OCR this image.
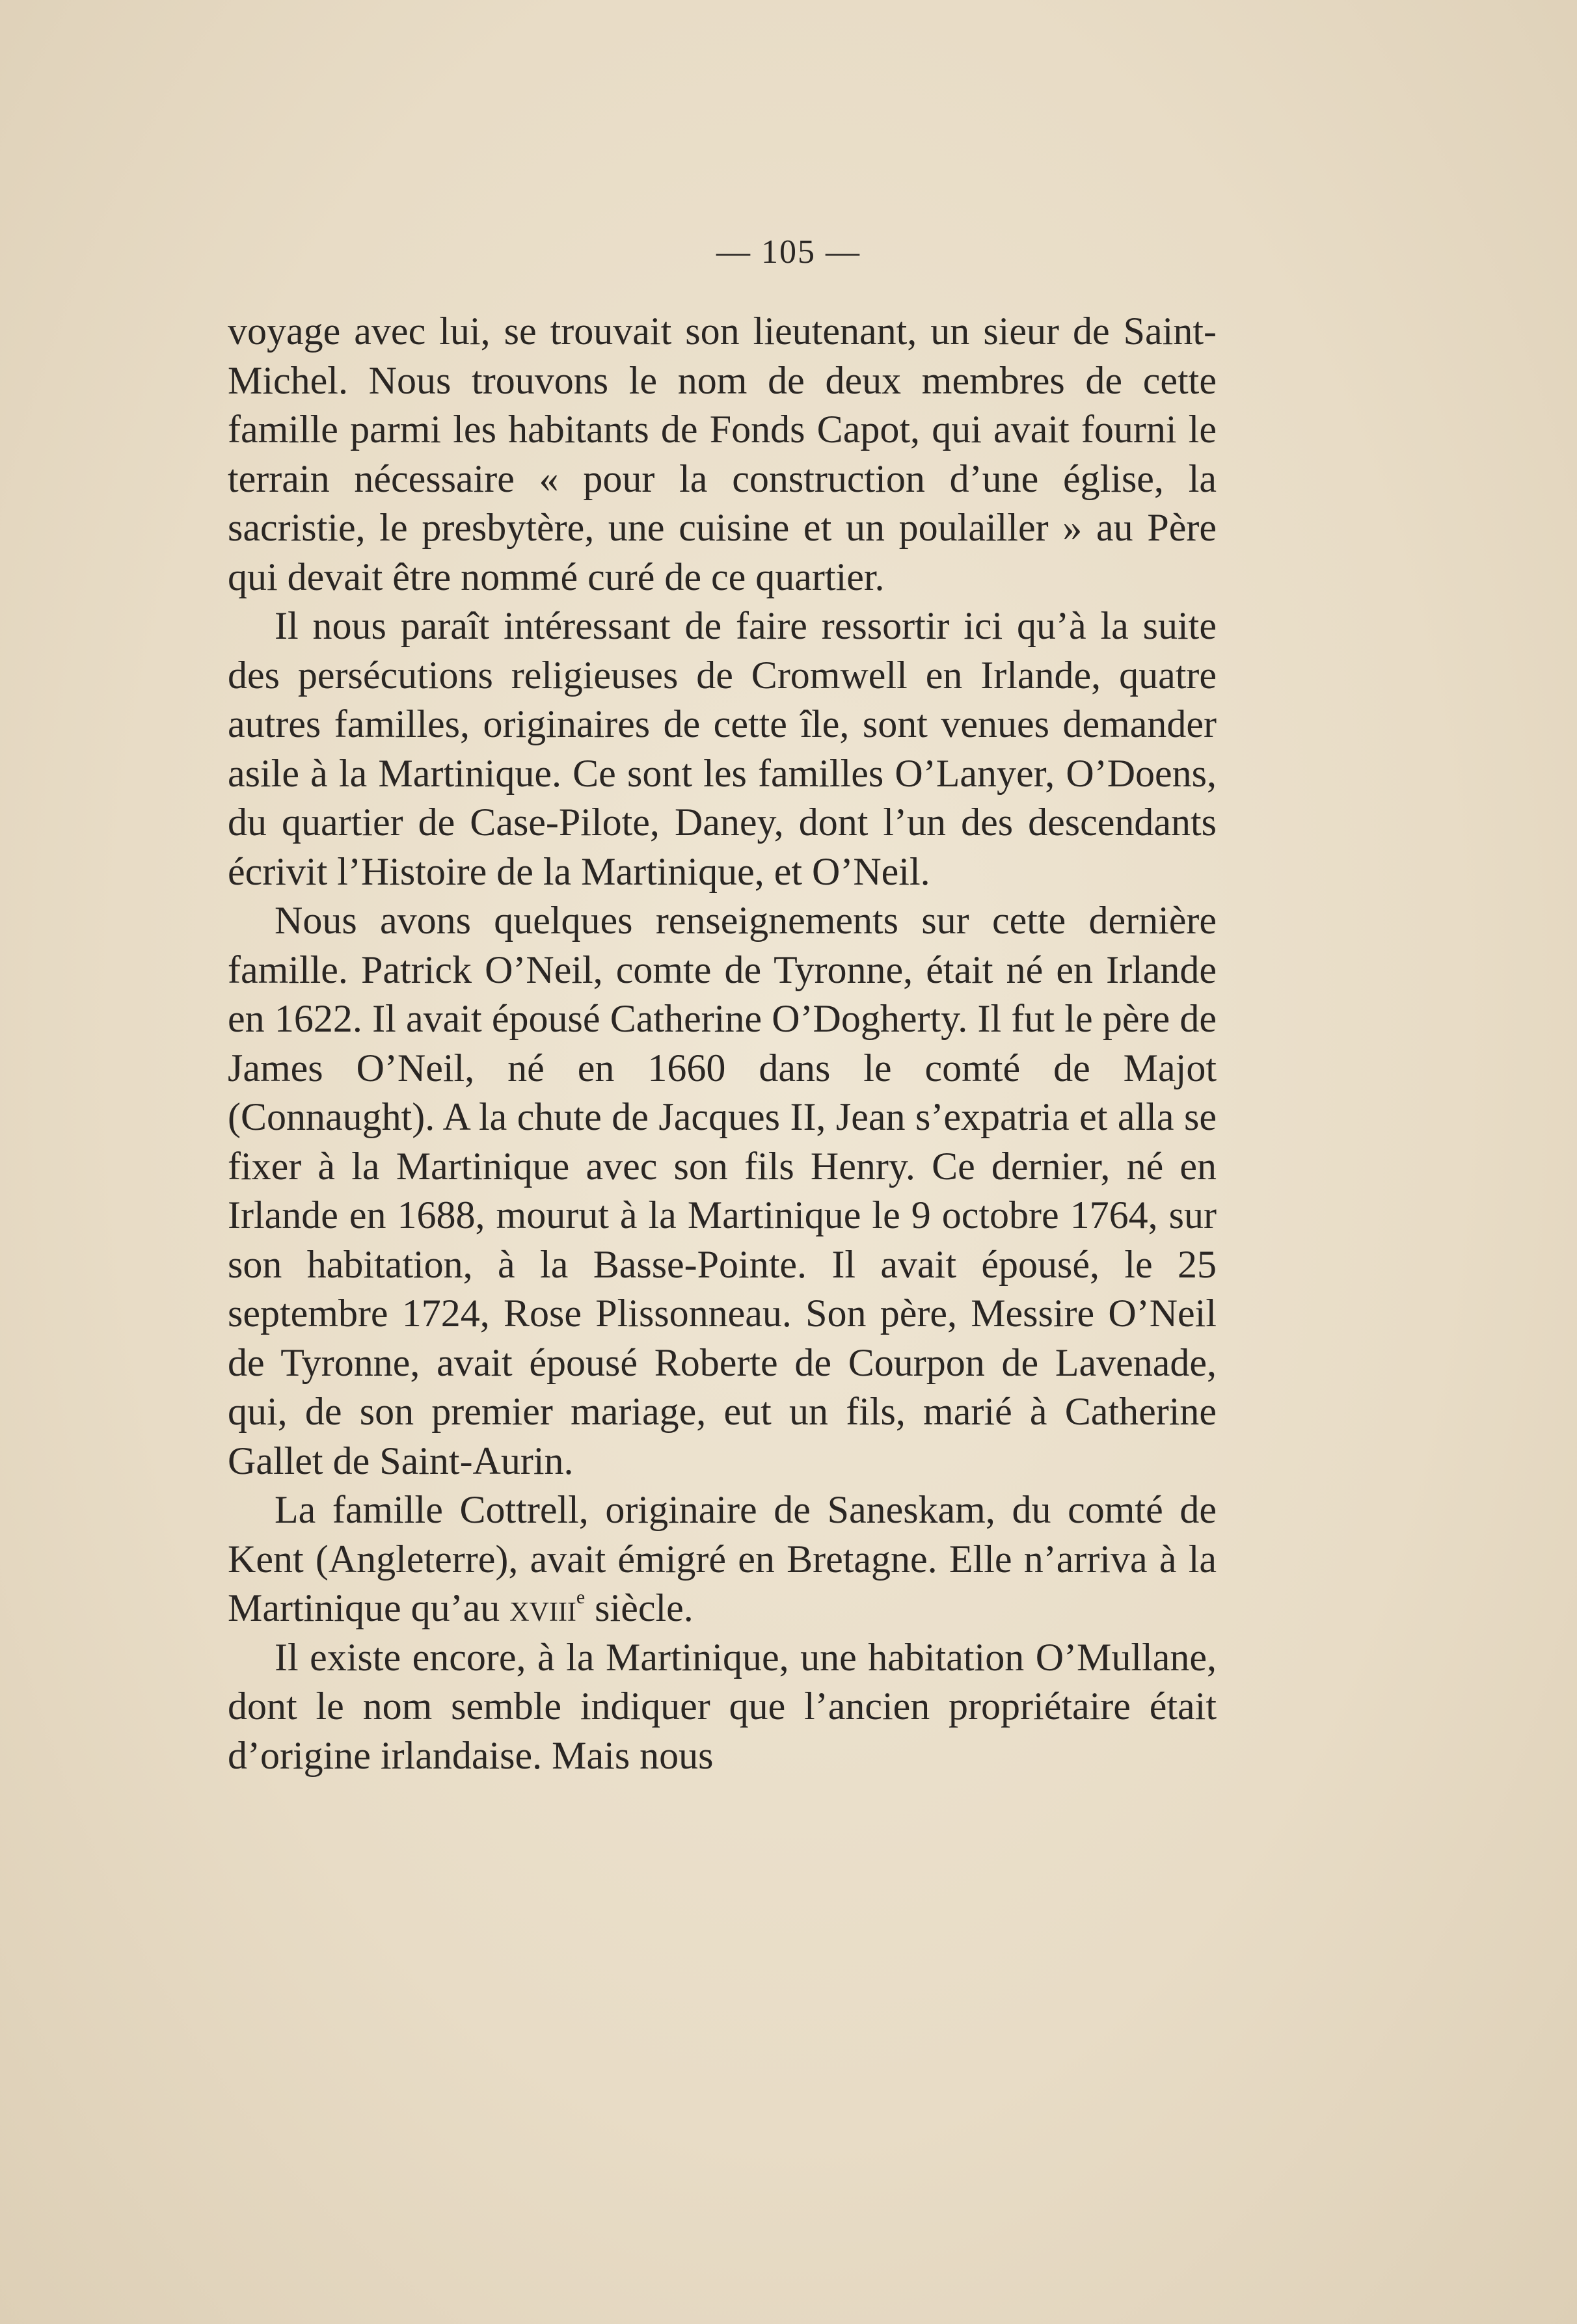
— 105 —

voyage avec lui, se trouvait son lieutenant, un sieur de Saint-Michel. Nous trouvons le nom de deux membres de cette famille parmi les habitants de Fonds Capot, qui avait fourni le terrain nécessaire « pour la construction d’une église, la sacristie, le presbytère, une cuisine et un poulailler » au Père qui devait être nommé curé de ce quartier.

Il nous paraît intéressant de faire ressortir ici qu’à la suite des persécutions religieuses de Cromwell en Irlande, quatre autres familles, originaires de cette île, sont venues demander asile à la Martinique. Ce sont les familles O’Lanyer, O’Doens, du quartier de Case-Pilote, Daney, dont l’un des descendants écrivit l’Histoire de la Martinique, et O’Neil.

Nous avons quelques renseignements sur cette dernière famille. Patrick O’Neil, comte de Tyronne, était né en Irlande en 1622. Il avait épousé Catherine O’Dogherty. Il fut le père de James O’Neil, né en 1660 dans le comté de Majot (Connaught). A la chute de Jacques II, Jean s’expatria et alla se fixer à la Martinique avec son fils Henry. Ce dernier, né en Irlande en 1688, mourut à la Martinique le 9 octobre 1764, sur son habitation, à la Basse-Pointe. Il avait épousé, le 25 septembre 1724, Rose Plissonneau. Son père, Messire O’Neil de Tyronne, avait épousé Roberte de Courpon de Lavenade, qui, de son premier mariage, eut un fils, marié à Catherine Gallet de Saint-Aurin.

La famille Cottrell, originaire de Saneskam, du comté de Kent (Angleterre), avait émigré en Bretagne. Elle n’arriva à la Martinique qu’au xviii$^e$ siècle.

Il existe encore, à la Martinique, une habitation O’Mullane, dont le nom semble indiquer que l’ancien propriétaire était d’origine irlandaise. Mais nous
